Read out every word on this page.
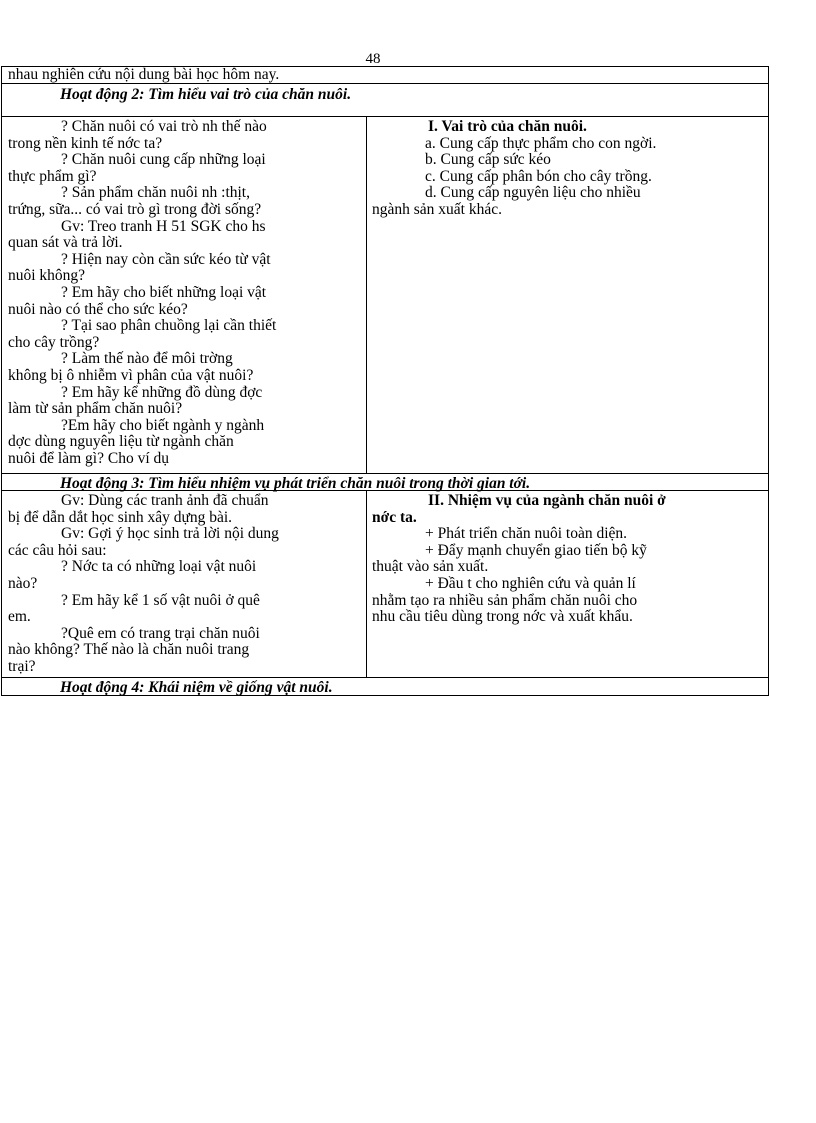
48
nhau nghiên cứu nội dung bài học hôm nay.
Hoạt động 2: Tìm hiểu vai trò của chăn nuôi.
? Chăn nuôi có vai trò nh thế nào
trong nền kinh tế nớc ta?
? Chăn nuôi cung cấp những loại
thực phẩm gì?
? Sản phẩm chăn nuôi nh :thịt,
trứng, sữa... có vai trò gì trong đời sống?
Gv: Treo tranh H 51 SGK cho hs
quan sát và trả lời.
? Hiện nay còn cần sức kéo từ vật
nuôi không?
? Em hãy cho biết những loại vật
nuôi nào có thể cho sức kéo?
? Tại sao phân chuồng lại cần thiết
cho cây trồng?
? Làm thế nào để môi trờng
không bị ô nhiễm vì phân của vật nuôi?
? Em hãy kể những đồ dùng đợc
làm từ sản phẩm chăn nuôi?
?Em hãy cho biết ngành y ngành
dợc dùng nguyên liệu từ ngành chăn
nuôi để làm gì? Cho ví dụ
I. Vai trò của chăn nuôi.
a. Cung cấp thực phẩm cho con ngời.
b. Cung cấp sức kéo
c. Cung cấp phân bón cho cây trồng.
d. Cung cấp nguyên liệu cho nhiều
ngành sản xuất khác.
Hoạt động 3: Tìm hiểu nhiệm vụ phát triển chăn nuôi trong thời gian tới.
Gv: Dùng các tranh ảnh đã chuẩn
bị để dẫn dắt học sinh xây dựng bài.
Gv: Gợi ý học sinh trả lời nội dung
các câu hỏi sau:
? Nớc ta có những loại vật nuôi
nào?
? Em hãy kể 1 số vật nuôi ở quê
em.
?Quê em có trang trại chăn nuôi
nào không? Thế nào là chăn nuôi trang
trại?
II. Nhiệm vụ của ngành chăn nuôi ở
nớc ta.
+ Phát triển chăn nuôi toàn diện.
+ Đẩy mạnh chuyển giao tiến bộ kỹ
thuật vào sản xuất.
+ Đầu t cho nghiên cứu và quản lí
nhằm tạo ra nhiều sản phẩm chăn nuôi cho
nhu cầu tiêu dùng trong nớc và xuất khẩu.
Hoạt động 4: Khái niệm về giống vật nuôi.
